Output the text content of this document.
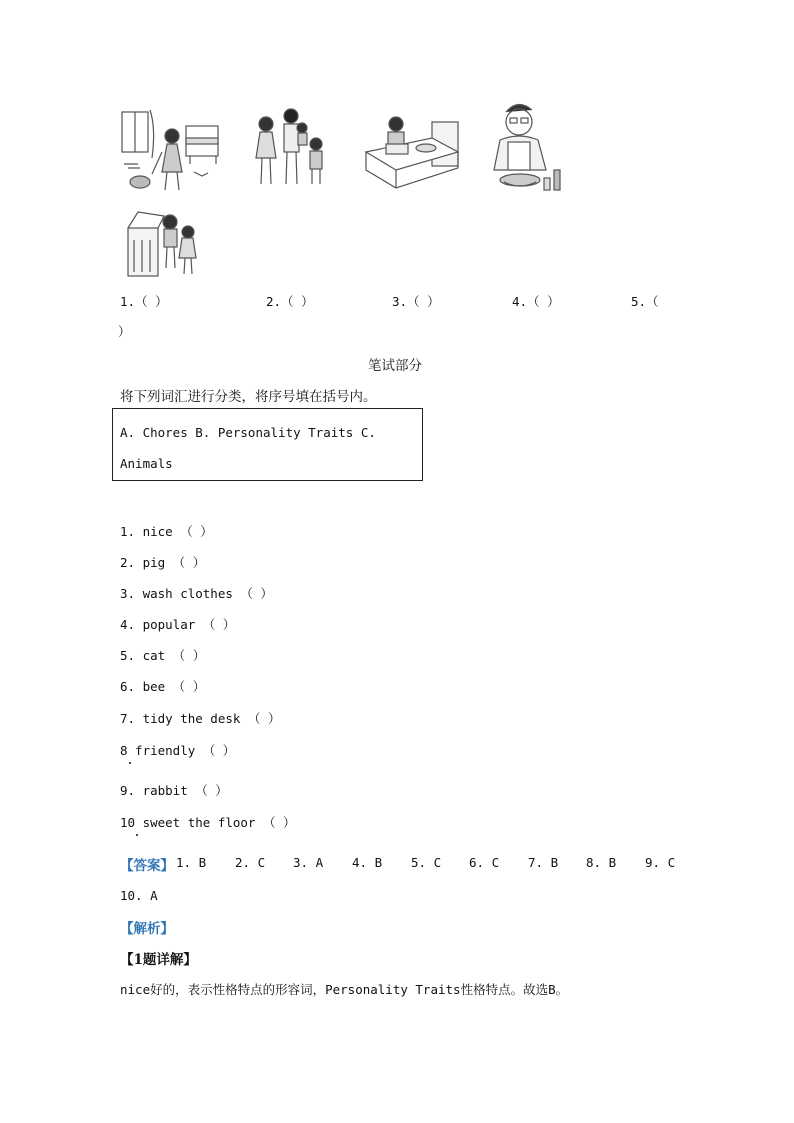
1.（ ）	2.（ ）	3.（ ）	4.（ ）	5.（
）
笔试部分
将下列词汇进行分类，将序号填在括号内。
A. Chores B. Personality Traits C.
Animals
1. nice （ ）
2. pig （ ）
3. wash clothes （ ）
4. popular （ ）
5. cat （ ）
6. bee （ ）
7. tidy the desk （ ）
8 friendly （ ）
9. rabbit （ ）
10 sweet the floor （ ）
【答案】 1. B 2. C 3. A 4. B 5. C 6. C 7. B 8. B 9. C
10. A
【解析】
【1题详解】
nice好的，表示性格特点的形容词，Personality Traits性格特点。故选B。
